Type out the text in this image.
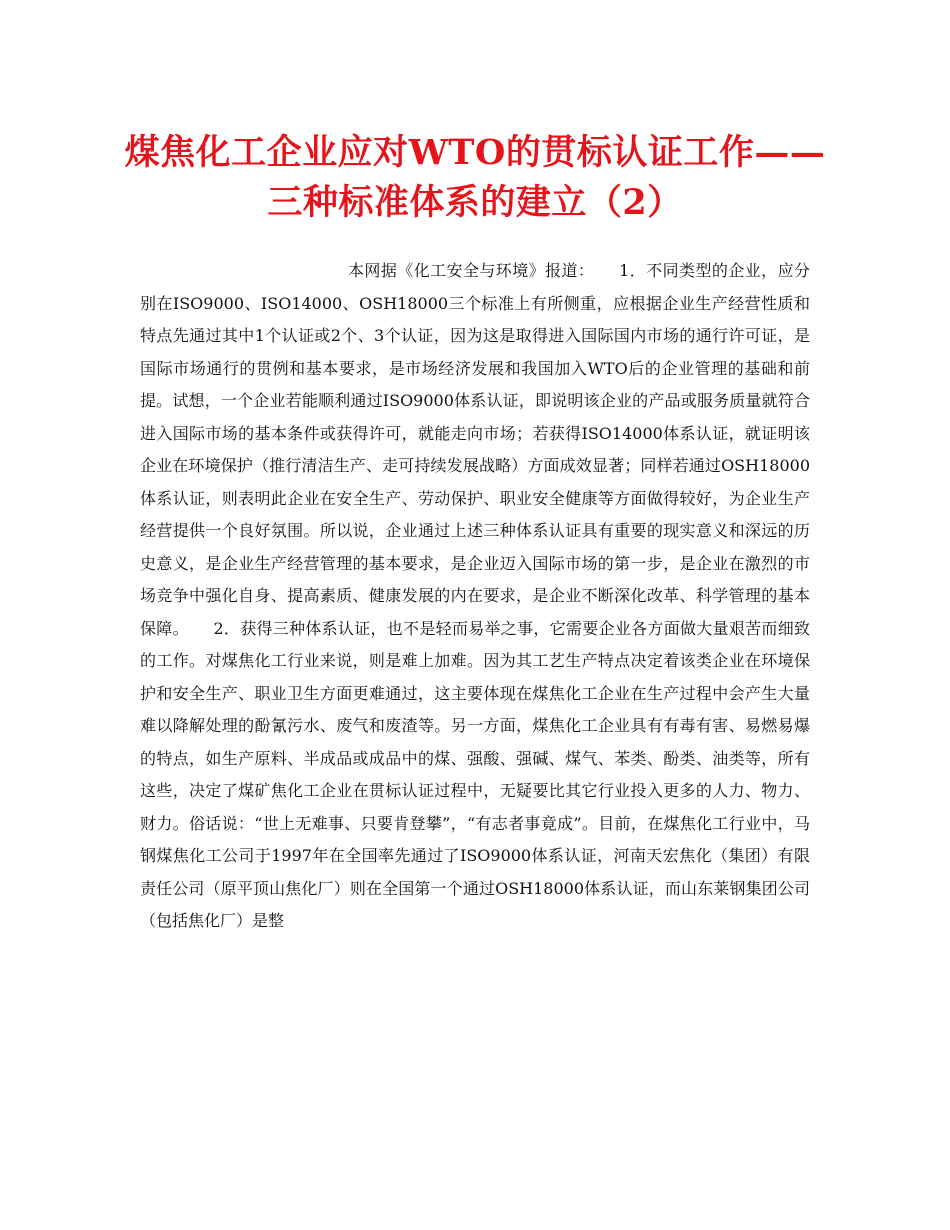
煤焦化工企业应对WTO的贯标认证工作——
三种标准体系的建立（2）

本网据《化工安全与环境》报道：　　1．不同类型的企业，应分别在ISO9000、ISO14000、OSH18000三个标准上有所侧重，应根据企业生产经营性质和特点先通过其中1个认证或2个、3个认证，因为这是取得进入国际国内市场的通行许可证，是国际市场通行的贯例和基本要求，是市场经济发展和我国加入WTO后的企业管理的基础和前提。试想，一个企业若能顺利通过ISO9000体系认证，即说明该企业的产品或服务质量就符合进入国际市场的基本条件或获得许可，就能走向市场；若获得ISO14000体系认证，就证明该企业在环境保护（推行清洁生产、走可持续发展战略）方面成效显著；同样若通过OSH18000体系认证，则表明此企业在安全生产、劳动保护、职业安全健康等方面做得较好，为企业生产经营提供一个良好氛围。所以说，企业通过上述三种体系认证具有重要的现实意义和深远的历史意义，是企业生产经营管理的基本要求，是企业迈入国际市场的第一步，是企业在激烈的市场竞争中强化自身、提高素质、健康发展的内在要求，是企业不断深化改革、科学管理的基本保障。　　2．获得三种体系认证，也不是轻而易举之事，它需要企业各方面做大量艰苦而细致的工作。对煤焦化工行业来说，则是难上加难。因为其工艺生产特点决定着该类企业在环境保护和安全生产、职业卫生方面更难通过，这主要体现在煤焦化工企业在生产过程中会产生大量难以降解处理的酚氰污水、废气和废渣等。另一方面，煤焦化工企业具有有毒有害、易燃易爆的特点，如生产原料、半成品或成品中的煤、强酸、强碱、煤气、苯类、酚类、油类等，所有这些，决定了煤矿焦化工企业在贯标认证过程中，无疑要比其它行业投入更多的人力、物力、财力。俗话说：“世上无难事、只要肯登攀”，“有志者事竟成”。目前，在煤焦化工行业中，马钢煤焦化工公司于1997年在全国率先通过了ISO9000体系认证，河南天宏焦化（集团）有限责任公司（原平顶山焦化厂）则在全国第一个通过OSH18000体系认证，而山东莱钢集团公司（包括焦化厂）是整
